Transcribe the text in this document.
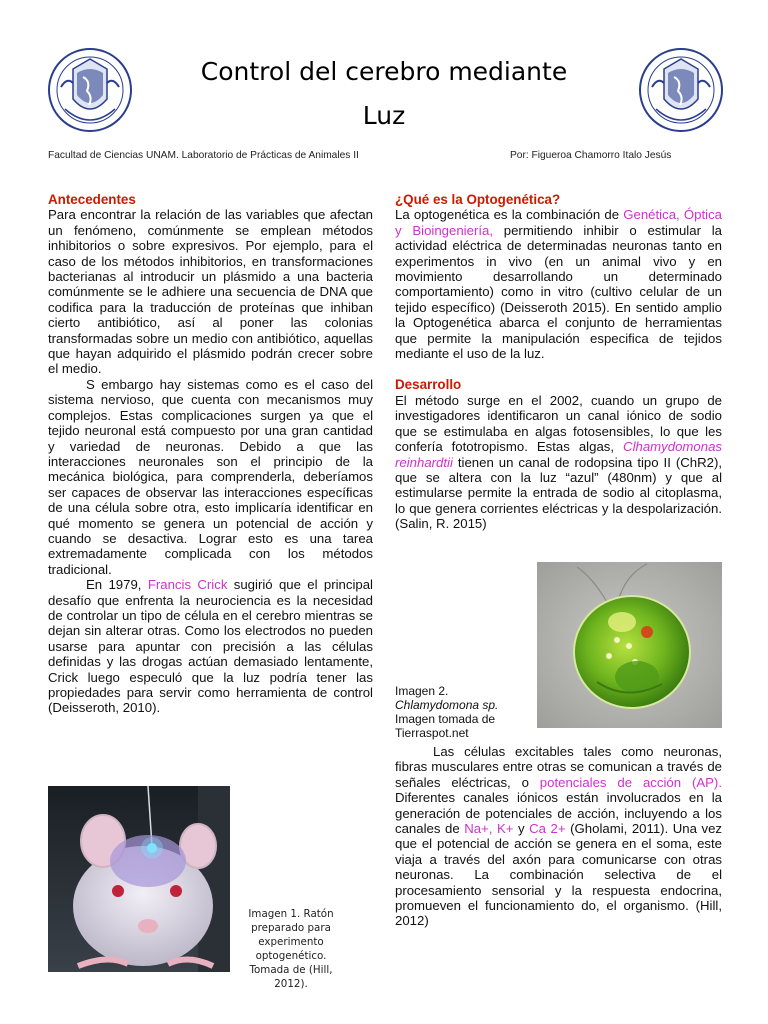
Control del cerebro mediante
Luz
Facultad de Ciencias UNAM. Laboratorio de Prácticas de Animales II	Por: Figueroa Chamorro Italo Jesús
Antecedentes

Para encontrar la relación de las variables que afectan un fenómeno, comúnmente se emplean métodos inhibitorios o sobre expresivos. Por ejemplo, para el caso de los métodos inhibitorios, en transformaciones bacterianas al introducir un plásmido a una bacteria comúnmente se le adhiere una secuencia de DNA que codifica para la traducción de proteínas que inhiban cierto antibiótico, así al poner las colonias transformadas sobre un medio con antibiótico, aquellas que hayan adquirido el plásmido podrán crecer sobre el medio.

S embargo hay sistemas como es el caso del sistema nervioso, que cuenta con mecanismos muy complejos. Estas complicaciones surgen ya que el tejido neuronal está compuesto por una gran cantidad y variedad de neuronas. Debido a que las interacciones neuronales son el principio de la mecánica biológica, para comprenderla, deberíamos ser capaces de observar las interacciones específicas de una célula sobre otra, esto implicaría identificar en qué momento se genera un potencial de acción y cuando se desactiva. Lograr esto es una tarea extremadamente complicada con los métodos tradicional.

En 1979, Francis Crick sugirió que el principal desafío que enfrenta la neurociencia es la necesidad de controlar un tipo de célula en el cerebro mientras se dejan sin alterar otras. Como los electrodos no pueden usarse para apuntar con precisión a las células definidas y las drogas actúan demasiado lentamente, Crick luego especuló que la luz podría tener las propiedades para servir como herramienta de control (Deisseroth, 2010).

¿Qué es la Optogenética?

La optogenética es la combinación de Genética, Óptica y Bioingeniería, permitiendo inhibir o estimular la actividad eléctrica de determinadas neuronas tanto en experimentos in vivo (en un animal vivo y en movimiento desarrollando un determinado comportamiento) como in vitro (cultivo celular de un tejido específico) (Deisseroth 2015). En sentido amplio la Optogenética abarca el conjunto de herramientas que permite la manipulación especifica de tejidos mediante el uso de la luz.

Desarrollo

El método surge en el 2002, cuando un grupo de investigadores identificaron un canal iónico de sodio que se estimulaba en algas fotosensibles, lo que les confería fototropismo. Estas algas, Clhamydomonas reinhardtii tienen un canal de rodopsina tipo II (ChR2), que se altera con la luz “azul” (480nm) y que al estimularse permite la entrada de sodio al citoplasma, lo que genera corrientes eléctricas y la despolarización. (Salin, R. 2015)

Imagen 2. Chlamydomona sp. Imagen tomada de Tierraspot.net

Las células excitables tales como neuronas, fibras musculares entre otras se comunican a través de señales eléctricas, o potenciales de acción (AP). Diferentes canales iónicos están involucrados en la generación de potenciales de acción, incluyendo a los canales de Na+, K+ y Ca 2+ (Gholami, 2011). Una vez que el potencial de acción se genera en el soma, este viaja a través del axón para comunicarse con otras neuronas. La combinación selectiva de el procesamiento sensorial y la respuesta endocrina, promueven el funcionamiento do, el organismo. (Hill, 2012)

Imagen 1. Ratón preparado para experimento optogenético. Tomada de (Hill, 2012).
